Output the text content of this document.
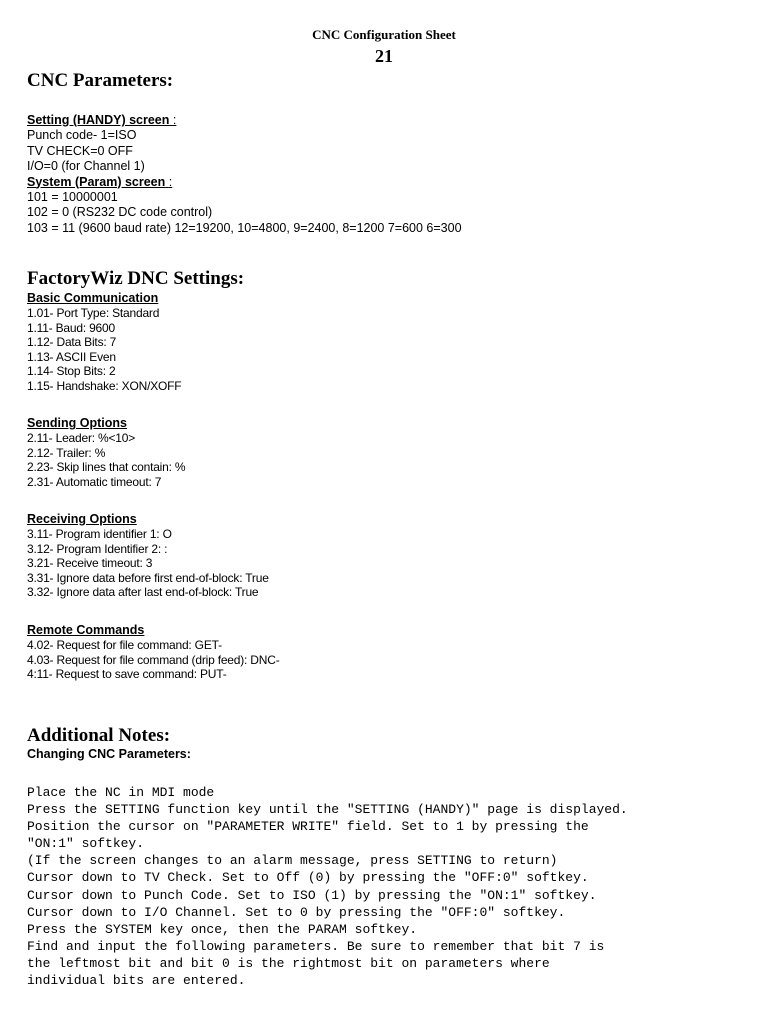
CNC Configuration Sheet
21
CNC Parameters:
Setting (HANDY) screen :
Punch code- 1=ISO
TV CHECK=0 OFF
I/O=0 (for Channel 1)
System (Param) screen :
101 = 10000001
102 = 0 (RS232 DC code control)
103 = 11 (9600 baud rate) 12=19200, 10=4800, 9=2400, 8=1200 7=600 6=300
FactoryWiz DNC Settings:
Basic Communication
1.01- Port Type: Standard
1.11- Baud: 9600
1.12- Data Bits: 7
1.13- ASCII Even
1.14- Stop Bits: 2
1.15- Handshake: XON/XOFF
Sending Options
2.11- Leader: %<10>
2.12- Trailer: %
2.23- Skip lines that contain: %
2.31- Automatic timeout: 7
Receiving Options
3.11- Program identifier 1: O
3.12- Program Identifier 2: :
3.21- Receive timeout: 3
3.31- Ignore data before first end-of-block: True
3.32- Ignore data after last end-of-block: True
Remote Commands
4.02- Request for file command: GET-
4.03- Request for file command (drip feed): DNC-
4:11- Request to save command: PUT-
Additional Notes:
Changing CNC Parameters:
Place the NC in MDI mode
Press the SETTING function key until the "SETTING (HANDY)" page is displayed.
Position the cursor on "PARAMETER WRITE" field. Set to 1 by pressing the
"ON:1" softkey.
(If the screen changes to an alarm message, press SETTING to return)
Cursor down to TV Check. Set to Off (0) by pressing the "OFF:0" softkey.
Cursor down to Punch Code. Set to ISO (1) by pressing the "ON:1" softkey.
Cursor down to I/O Channel. Set to 0 by pressing the "OFF:0" softkey.
Press the SYSTEM key once, then the PARAM softkey.
Find and input the following parameters. Be sure to remember that bit 7 is
the leftmost bit and bit 0 is the rightmost bit on parameters where
individual bits are entered.
